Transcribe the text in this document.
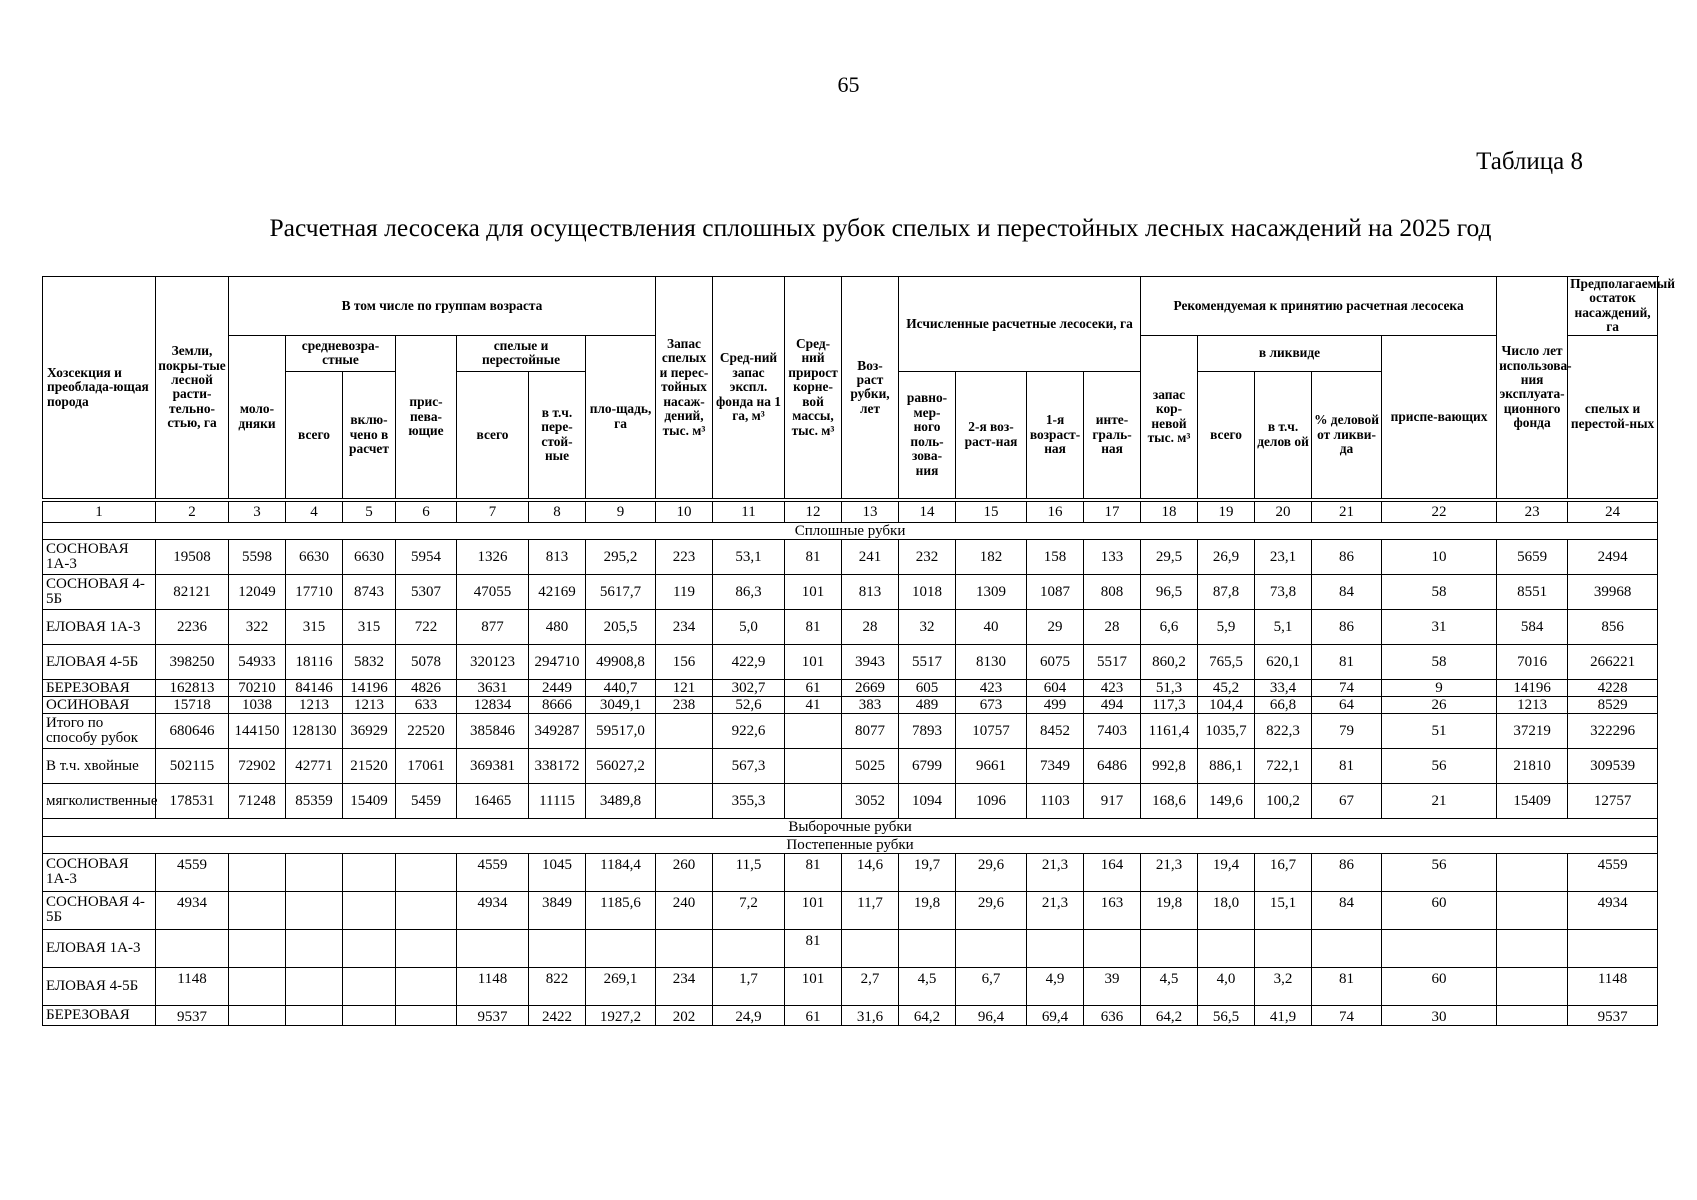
65
Таблица 8
Расчетная лесосека для осуществления сплошных рубок спелых и перестойных лесных насаждений на 2025 год
Хозсекция и преоблада-ющая порода	Земли, покры-тые лесной расти-тельно-стью, га	В том числе по группам возраста							Запас спелых и перес-тойных насаж-дений, тыс. м³	Сред-ний запас экспл. фонда на 1 га, м³	Сред-ний прирост корне-вой массы, тыс. м³	Воз-раст рубки, лет	Исчисленные расчетные лесосеки, га				Рекомендуемая к принятию расчетная лесосека					Число лет использова-ния эксплуата-ционного фонда	Предполагаемый остаток насаждений, га
		моло-дняки	средневозра-стные		прис-пева-ющие	спелые и перестойные		пло-щадь, га									запас кор-невой тыс. м³	в ликвиде			приспе-вающих		спелых и перестой-ных
			всего	вклю-чено в расчет		всего	в т.ч. пере-стой-ные						равно-мер-ного поль-зова-ния	2-я воз-раст-ная	1-я возраст-ная	инте-граль-ная		всего	в т.ч. делов ой	% деловой от ликви-да			

1	2	3	4	5	6	7	8	9	10	11	12	13	14	15	16	17	18	19	20	21	22	23	24
Сплошные рубки																							
СОСНОВАЯ 1А-3	19508	5598	6630	6630	5954	1326	813	295,2	223	53,1	81	241	232	182	158	133	29,5	26,9	23,1	86	10	5659	2494
СОСНОВАЯ 4-5Б	82121	12049	17710	8743	5307	47055	42169	5617,7	119	86,3	101	813	1018	1309	1087	808	96,5	87,8	73,8	84	58	8551	39968
ЕЛОВАЯ 1А-3	2236	322	315	315	722	877	480	205,5	234	5,0	81	28	32	40	29	28	6,6	5,9	5,1	86	31	584	856
ЕЛОВАЯ 4-5Б	398250	54933	18116	5832	5078	320123	294710	49908,8	156	422,9	101	3943	5517	8130	6075	5517	860,2	765,5	620,1	81	58	7016	266221
БЕРЕЗОВАЯ	162813	70210	84146	14196	4826	3631	2449	440,7	121	302,7	61	2669	605	423	604	423	51,3	45,2	33,4	74	9	14196	4228
ОСИНОВАЯ	15718	1038	1213	1213	633	12834	8666	3049,1	238	52,6	41	383	489	673	499	494	117,3	104,4	66,8	64	26	1213	8529
Итого по способу рубок	680646	144150	128130	36929	22520	385846	349287	59517,0		922,6		8077	7893	10757	8452	7403	1161,4	1035,7	822,3	79	51	37219	322296
В т.ч. хвойные	502115	72902	42771	21520	17061	369381	338172	56027,2		567,3		5025	6799	9661	7349	6486	992,8	886,1	722,1	81	56	21810	309539
мягколиственные	178531	71248	85359	15409	5459	16465	11115	3489,8		355,3		3052	1094	1096	1103	917	168,6	149,6	100,2	67	21	15409	12757
Выборочные рубки																							
Постепенные рубки																							
СОСНОВАЯ 1А-3	4559					4559	1045	1184,4	260	11,5	81	14,6	19,7	29,6	21,3	164	21,3	19,4	16,7	86	56		4559
СОСНОВАЯ 4-5Б	4934					4934	3849	1185,6	240	7,2	101	11,7	19,8	29,6	21,3	163	19,8	18,0	15,1	84	60		4934
ЕЛОВАЯ 1А-3											81												
ЕЛОВАЯ 4-5Б	1148					1148	822	269,1	234	1,7	101	2,7	4,5	6,7	4,9	39	4,5	4,0	3,2	81	60		1148
БЕРЕЗОВАЯ	9537					9537	2422	1927,2	202	24,9	61	31,6	64,2	96,4	69,4	636	64,2	56,5	41,9	74	30		9537
